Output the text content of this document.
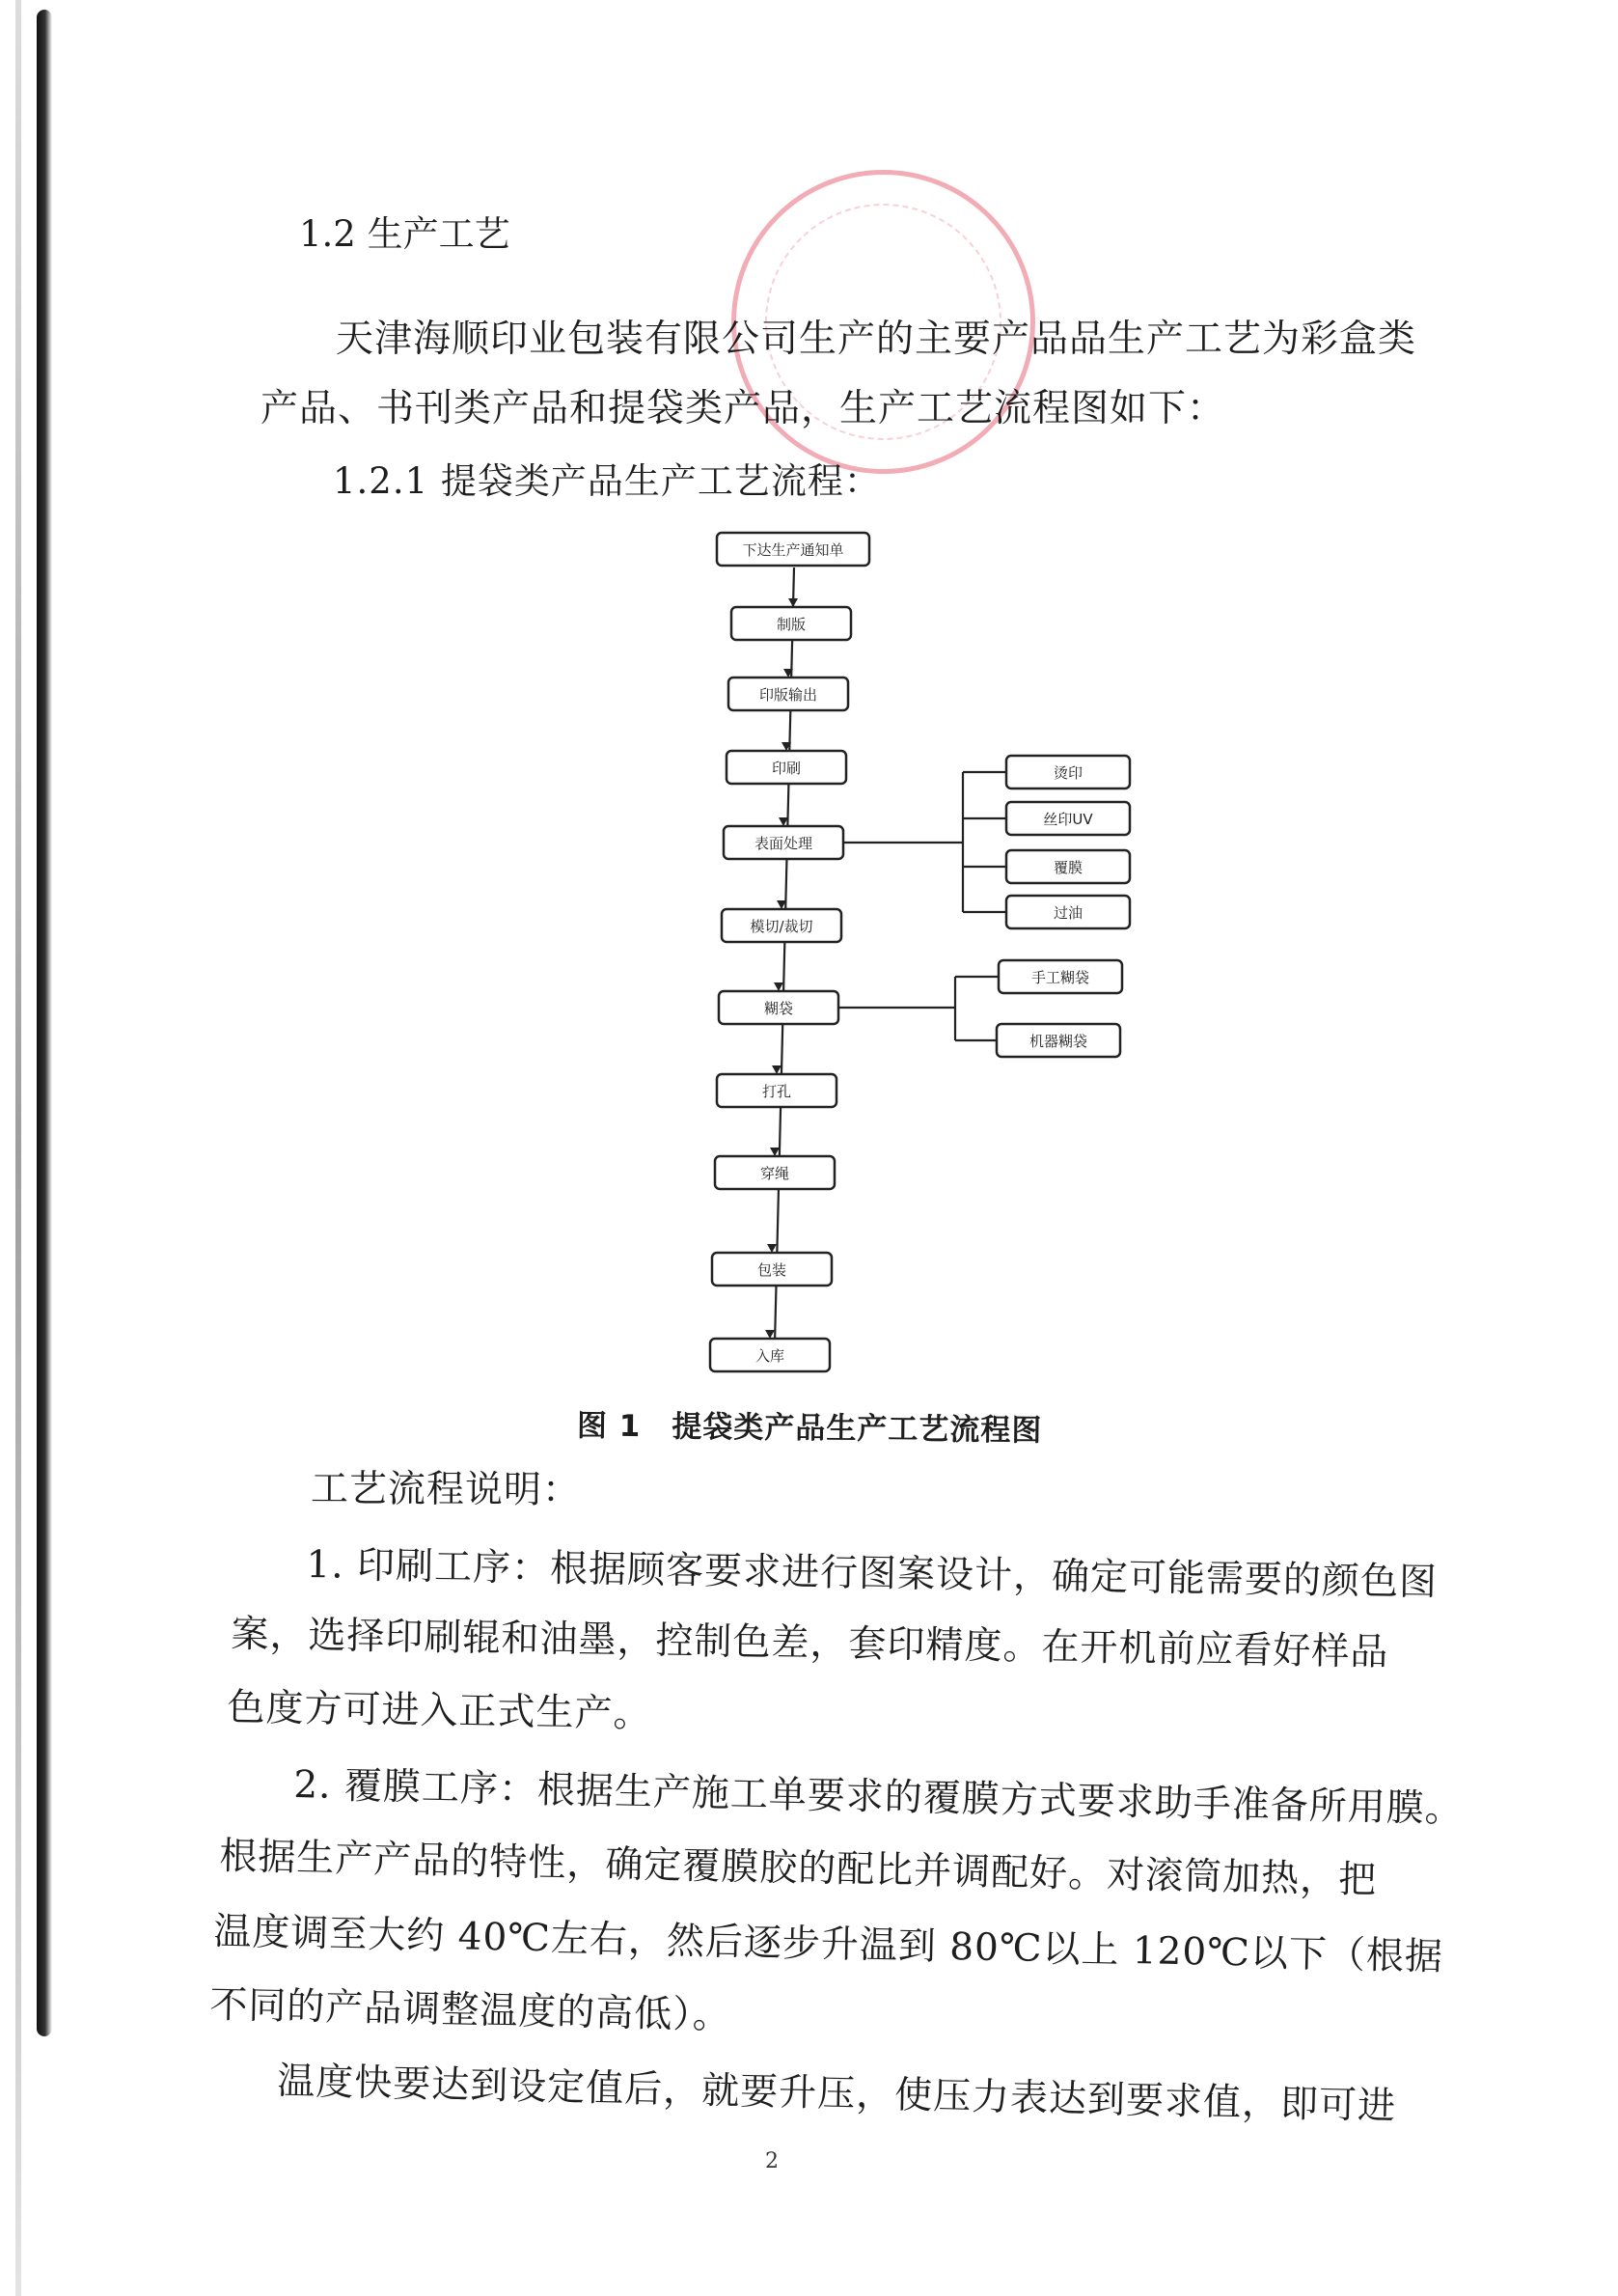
1.2 生产工艺
天津海顺印业包装有限公司生产的主要产品品生产工艺为彩盒类
产品、书刊类产品和提袋类产品，生产工艺流程图如下：
1.2.1 提袋类产品生产工艺流程：
下达生产通知单
制版
印版输出
印刷
表面处理
模切/裁切
糊袋
打孔
穿绳
包装
入库
烫印
丝印UV
覆膜
过油
手工糊袋
机器糊袋
图 1　提袋类产品生产工艺流程图
工艺流程说明：
1. 印刷工序：根据顾客要求进行图案设计，确定可能需要的颜色图
案，选择印刷辊和油墨，控制色差，套印精度。在开机前应看好样品
色度方可进入正式生产。
2. 覆膜工序：根据生产施工单要求的覆膜方式要求助手准备所用膜。
根据生产产品的特性，确定覆膜胶的配比并调配好。对滚筒加热，把
温度调至大约 40℃左右，然后逐步升温到 80℃以上 120℃以下（根据
不同的产品调整温度的高低）。
温度快要达到设定值后，就要升压，使压力表达到要求值，即可进
2
